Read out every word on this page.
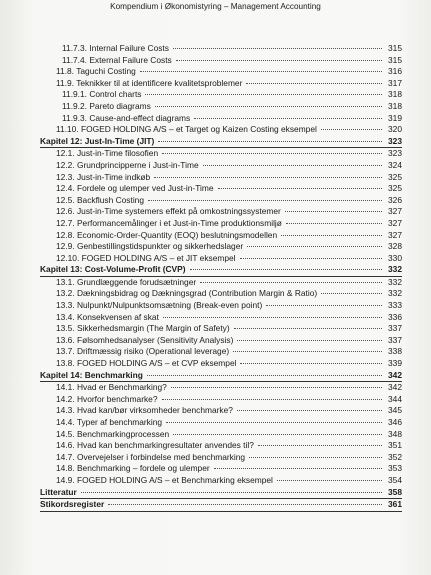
Kompendium i Økonomistyring – Management Accounting
11.7.3. Internal Failure Costs	315
11.7.4. External Failure Costs	315
11.8. Taguchi Costing	316
11.9. Teknikker til at identificere kvalitetsproblemer	317
11.9.1. Control charts	318
11.9.2. Pareto diagrams	318
11.9.3. Cause-and-effect diagrams	319
11.10. FOGED HOLDING A/S – et Target og Kaizen Costing eksempel	320
Kapitel 12: Just-In-Time (JIT)	323
12.1. Just-in-Time filosofien	323
12.2. Grundprincipperne i Just-in-Time	324
12.3. Just-in-Time indkøb	325
12.4. Fordele og ulemper ved Just-in-Time	325
12.5. Backflush Costing	326
12.6. Just-in-Time systemers effekt på omkostningssystemer	327
12.7. Performancemålinger i et Just-in-Time produktionsmiljø	327
12.8. Economic-Order-Quantity (EOQ) beslutningsmodellen	327
12.9. Genbestillingstidspunkter og sikkerhedslager	328
12.10. FOGED HOLDING A/S – et JIT eksempel	330
Kapitel 13: Cost-Volume-Profit (CVP)	332
13.1. Grundlæggende forudsætninger	332
13.2. Dækningsbidrag og Dækningsgrad (Contribution Margin & Ratio)	332
13.3. Nulpunkt/Nulpunktsomsætning (Break-even point)	333
13.4. Konsekvensen af skat	336
13.5. Sikkerhedsmargin (The Margin of Safety)	337
13.6. Følsomhedsanalyser (Sensitivity Analysis)	337
13.7. Driftmæssig risiko (Operational leverage)	338
13.8. FOGED HOLDING A/S – et CVP eksempel	339
Kapitel 14: Benchmarking	342
14.1. Hvad er Benchmarking?	342
14.2. Hvorfor benchmarke?	344
14.3. Hvad kan/bør virksomheder benchmarke?	345
14.4. Typer af benchmarking	346
14.5. Benchmarkingprocessen	348
14.6. Hvad kan benchmarkingresultater anvendes til?	351
14.7. Overvejelser i forbindelse med benchmarking	352
14.8. Benchmarking – fordele og ulemper	353
14.9. FOGED HOLDING A/S – et Benchmarking eksempel	354
Litteratur	358
Stikordsregister	361
